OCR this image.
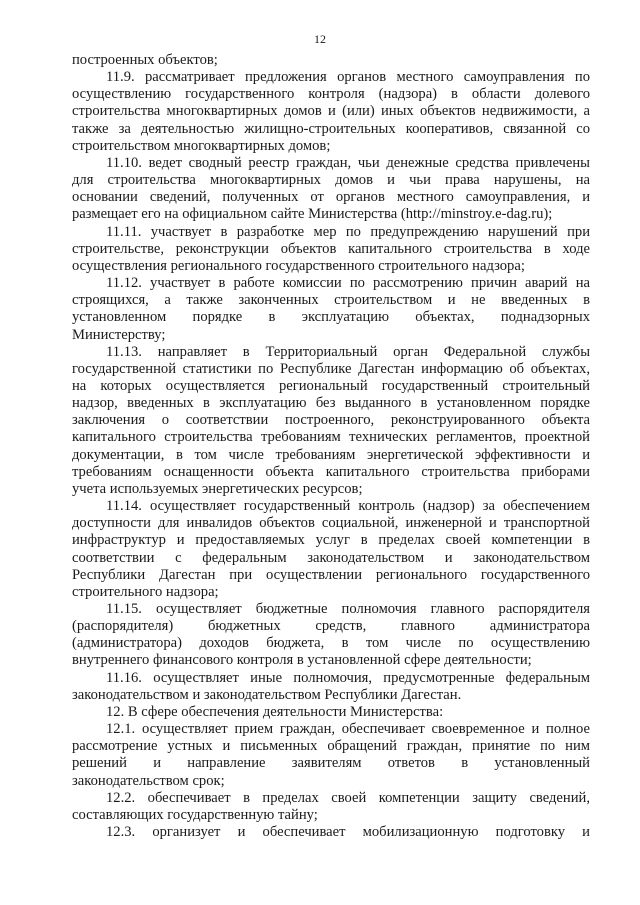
12
построенных объектов;
11.9. рассматривает предложения органов местного самоуправления по
осуществлению государственного контроля (надзора) в области долевого
строительства многоквартирных домов и (или) иных объектов недвижимости, а
также за деятельностью жилищно-строительных кооперативов, связанной со
строительством многоквартирных домов;
11.10. ведет сводный реестр граждан, чьи денежные средства привлечены
для строительства многоквартирных домов и чьи права нарушены, на
основании сведений, полученных от органов местного самоуправления, и
размещает его на официальном сайте Министерства (http://minstroy.e-dag.ru);
11.11. участвует в разработке мер по предупреждению нарушений при
строительстве, реконструкции объектов капитального строительства в ходе
осуществления регионального государственного строительного надзора;
11.12. участвует в работе комиссии по рассмотрению причин аварий на
строящихся, а также законченных строительством и не введенных в
установленном порядке в эксплуатацию объектах, поднадзорных
Министерству;
11.13. направляет в Территориальный орган Федеральной службы
государственной статистики по Республике Дагестан информацию об объектах,
на которых осуществляется региональный государственный строительный
надзор, введенных в эксплуатацию без выданного в установленном порядке
заключения о соответствии построенного, реконструированного объекта
капитального строительства требованиям технических регламентов, проектной
документации, в том числе требованиям энергетической эффективности и
требованиям оснащенности объекта капитального строительства приборами
учета используемых энергетических ресурсов;
11.14. осуществляет государственный контроль (надзор) за обеспечением
доступности для инвалидов объектов социальной, инженерной и транспортной
инфраструктур и предоставляемых услуг в пределах своей компетенции в
соответствии с федеральным законодательством и законодательством
Республики Дагестан при осуществлении регионального государственного
строительного надзора;
11.15. осуществляет бюджетные полномочия главного распорядителя
(распорядителя) бюджетных средств, главного администратора
(администратора) доходов бюджета, в том числе по осуществлению
внутреннего финансового контроля в установленной сфере деятельности;
11.16. осуществляет иные полномочия, предусмотренные федеральным
законодательством и законодательством Республики Дагестан.
12. В сфере обеспечения деятельности Министерства:
12.1. осуществляет прием граждан, обеспечивает своевременное и полное
рассмотрение устных и письменных обращений граждан, принятие по ним
решений и направление заявителям ответов в установленный
законодательством срок;
12.2. обеспечивает в пределах своей компетенции защиту сведений,
составляющих государственную тайну;
12.3. организует и обеспечивает мобилизационную подготовку и
